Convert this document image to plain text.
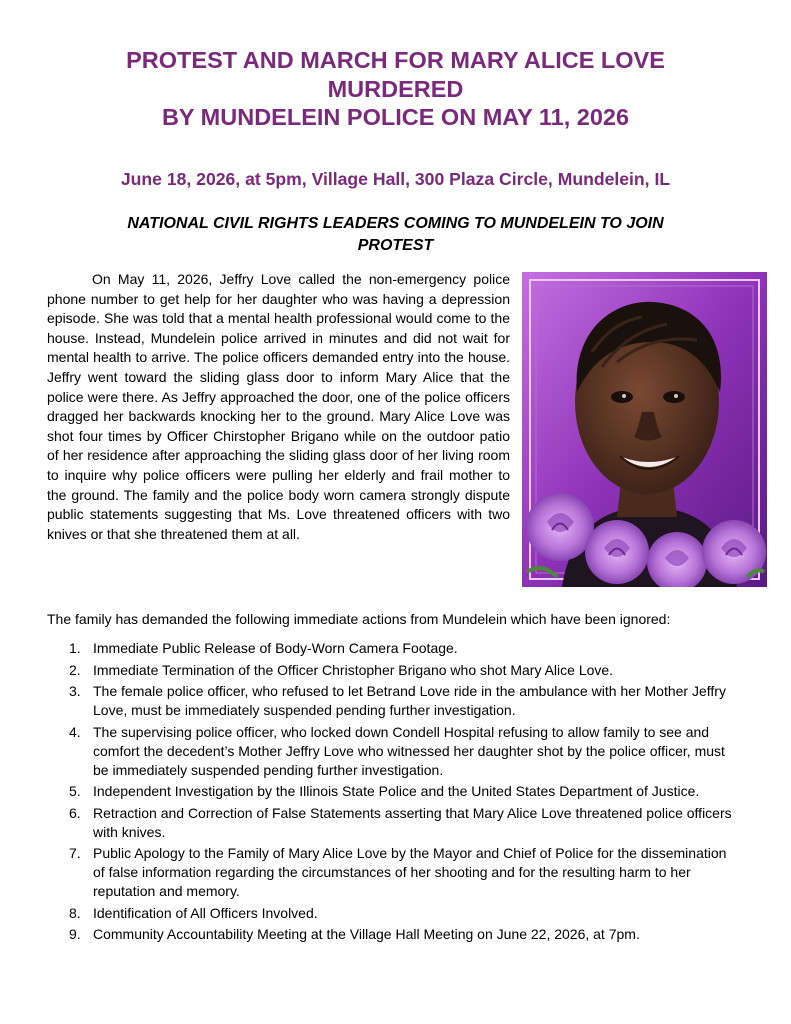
PROTEST AND MARCH FOR MARY ALICE LOVE
MURDERED
BY MUNDELEIN POLICE ON MAY 11, 2026

June 18, 2026, at 5pm, Village Hall, 300 Plaza Circle, Mundelein, IL

NATIONAL CIVIL RIGHTS LEADERS COMING TO MUNDELEIN TO JOIN
PROTEST

On May 11, 2026, Jeffry Love called the non-emergency police phone number to get help for her daughter who was having a depression episode. She was told that a mental health professional would come to the house. Instead, Mundelein police arrived in minutes and did not wait for mental health to arrive. The police officers demanded entry into the house. Jeffry went toward the sliding glass door to inform Mary Alice that the police were there. As Jeffry approached the door, one of the police officers dragged her backwards knocking her to the ground. Mary Alice Love was shot four times by Officer Chirstopher Brigano while on the outdoor patio of her residence after approaching the sliding glass door of her living room to inquire why police officers were pulling her elderly and frail mother to the ground. The family and the police body worn camera strongly dispute public statements suggesting that Ms. Love threatened officers with two knives or that she threatened them at all.

The family has demanded the following immediate actions from Mundelein which have been ignored:

1. Immediate Public Release of Body-Worn Camera Footage.
2. Immediate Termination of the Officer Christopher Brigano who shot Mary Alice Love.
3. The female police officer, who refused to let Betrand Love ride in the ambulance with her Mother Jeffry Love, must be immediately suspended pending further investigation.
4. The supervising police officer, who locked down Condell Hospital refusing to allow family to see and comfort the decedent’s Mother Jeffry Love who witnessed her daughter shot by the police officer, must be immediately suspended pending further investigation.
5. Independent Investigation by the Illinois State Police and the United States Department of Justice.
6. Retraction and Correction of False Statements asserting that Mary Alice Love threatened police officers with knives.
7. Public Apology to the Family of Mary Alice Love by the Mayor and Chief of Police for the dissemination of false information regarding the circumstances of her shooting and for the resulting harm to her reputation and memory.
8. Identification of All Officers Involved.
9. Community Accountability Meeting at the Village Hall Meeting on June 22, 2026, at 7pm.
